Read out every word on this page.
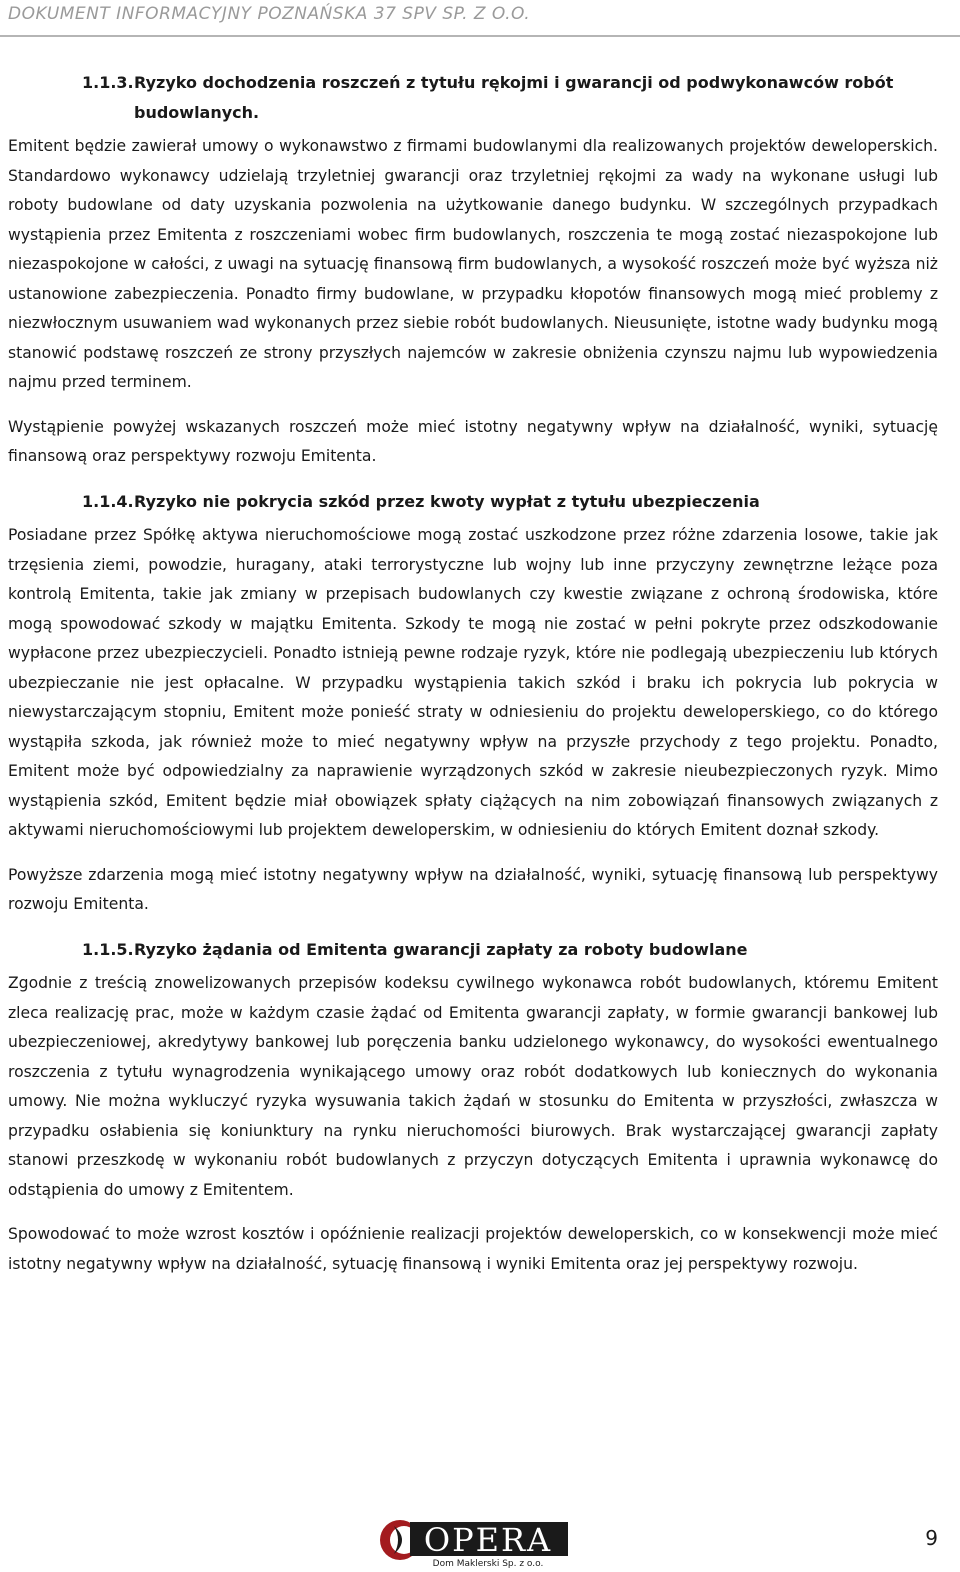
DOKUMENT INFORMACYJNY POZNAŃSKA 37 SPV SP. Z O.O.
1.1.3. Ryzyko dochodzenia roszczeń z tytułu rękojmi i gwarancji od podwykonawców robót budowlanych.

Emitent będzie zawierał umowy o wykonawstwo z firmami budowlanymi dla realizowanych projektów deweloperskich. Standardowo wykonawcy udzielają trzyletniej gwarancji oraz trzyletniej rękojmi za wady na wykonane usługi lub roboty budowlane od daty uzyskania pozwolenia na użytkowanie danego budynku. W szczególnych przypadkach wystąpienia przez Emitenta z roszczeniami wobec firm budowlanych, roszczenia te mogą zostać niezaspokojone lub niezaspokojone w całości, z uwagi na sytuację finansową firm budowlanych, a wysokość roszczeń może być wyższa niż ustanowione zabezpieczenia. Ponadto firmy budowlane, w przypadku kłopotów finansowych mogą mieć problemy z niezwłocznym usuwaniem wad wykonanych przez siebie robót budowlanych. Nieusunięte, istotne wady budynku mogą stanowić podstawę roszczeń ze strony przyszłych najemców w zakresie obniżenia czynszu najmu lub wypowiedzenia najmu przed terminem.

Wystąpienie powyżej wskazanych roszczeń może mieć istotny negatywny wpływ na działalność, wyniki, sytuację finansową oraz perspektywy rozwoju Emitenta.

1.1.4. Ryzyko nie pokrycia szkód przez kwoty wypłat z tytułu ubezpieczenia

Posiadane przez Spółkę aktywa nieruchomościowe mogą zostać uszkodzone przez różne zdarzenia losowe, takie jak trzęsienia ziemi, powodzie, huragany, ataki terrorystyczne lub wojny lub inne przyczyny zewnętrzne leżące poza kontrolą Emitenta, takie jak zmiany w przepisach budowlanych czy kwestie związane z ochroną środowiska, które mogą spowodować szkody w majątku Emitenta. Szkody te mogą nie zostać w pełni pokryte przez odszkodowanie wypłacone przez ubezpieczycieli. Ponadto istnieją pewne rodzaje ryzyk, które nie podlegają ubezpieczeniu lub których ubezpieczanie nie jest opłacalne. W przypadku wystąpienia takich szkód i braku ich pokrycia lub pokrycia w niewystarczającym stopniu, Emitent może ponieść straty w odniesieniu do projektu deweloperskiego, co do którego wystąpiła szkoda, jak również może to mieć negatywny wpływ na przyszłe przychody z tego projektu. Ponadto, Emitent może być odpowiedzialny za naprawienie wyrządzonych szkód w zakresie nieubezpieczonych ryzyk. Mimo wystąpienia szkód, Emitent będzie miał obowiązek spłaty ciążących na nim zobowiązań finansowych związanych z aktywami nieruchomościowymi lub projektem deweloperskim, w odniesieniu do których Emitent doznał szkody.

Powyższe zdarzenia mogą mieć istotny negatywny wpływ na działalność, wyniki, sytuację finansową lub perspektywy rozwoju Emitenta.

1.1.5. Ryzyko żądania od Emitenta gwarancji zapłaty za roboty budowlane

Zgodnie z treścią znowelizowanych przepisów kodeksu cywilnego wykonawca robót budowlanych, któremu Emitent zleca realizację prac, może w każdym czasie żądać od Emitenta gwarancji zapłaty, w formie gwarancji bankowej lub ubezpieczeniowej, akredytywy bankowej lub poręczenia banku udzielonego wykonawcy, do wysokości ewentualnego roszczenia z tytułu wynagrodzenia wynikającego umowy oraz robót dodatkowych lub koniecznych do wykonania umowy. Nie można wykluczyć ryzyka wysuwania takich żądań w stosunku do Emitenta w przyszłości, zwłaszcza w przypadku osłabienia się koniunktury na rynku nieruchomości biurowych. Brak wystarczającej gwarancji zapłaty stanowi przeszkodę w wykonaniu robót budowlanych z przyczyn dotyczących Emitenta i uprawnia wykonawcę do odstąpienia do umowy z Emitentem.

Spowodować to może wzrost kosztów i opóźnienie realizacji projektów deweloperskich, co w konsekwencji może mieć istotny negatywny wpływ na działalność, sytuację finansową i wyniki Emitenta oraz jej perspektywy rozwoju.

OPERA
Dom Maklerski Sp. z o.o.
9
